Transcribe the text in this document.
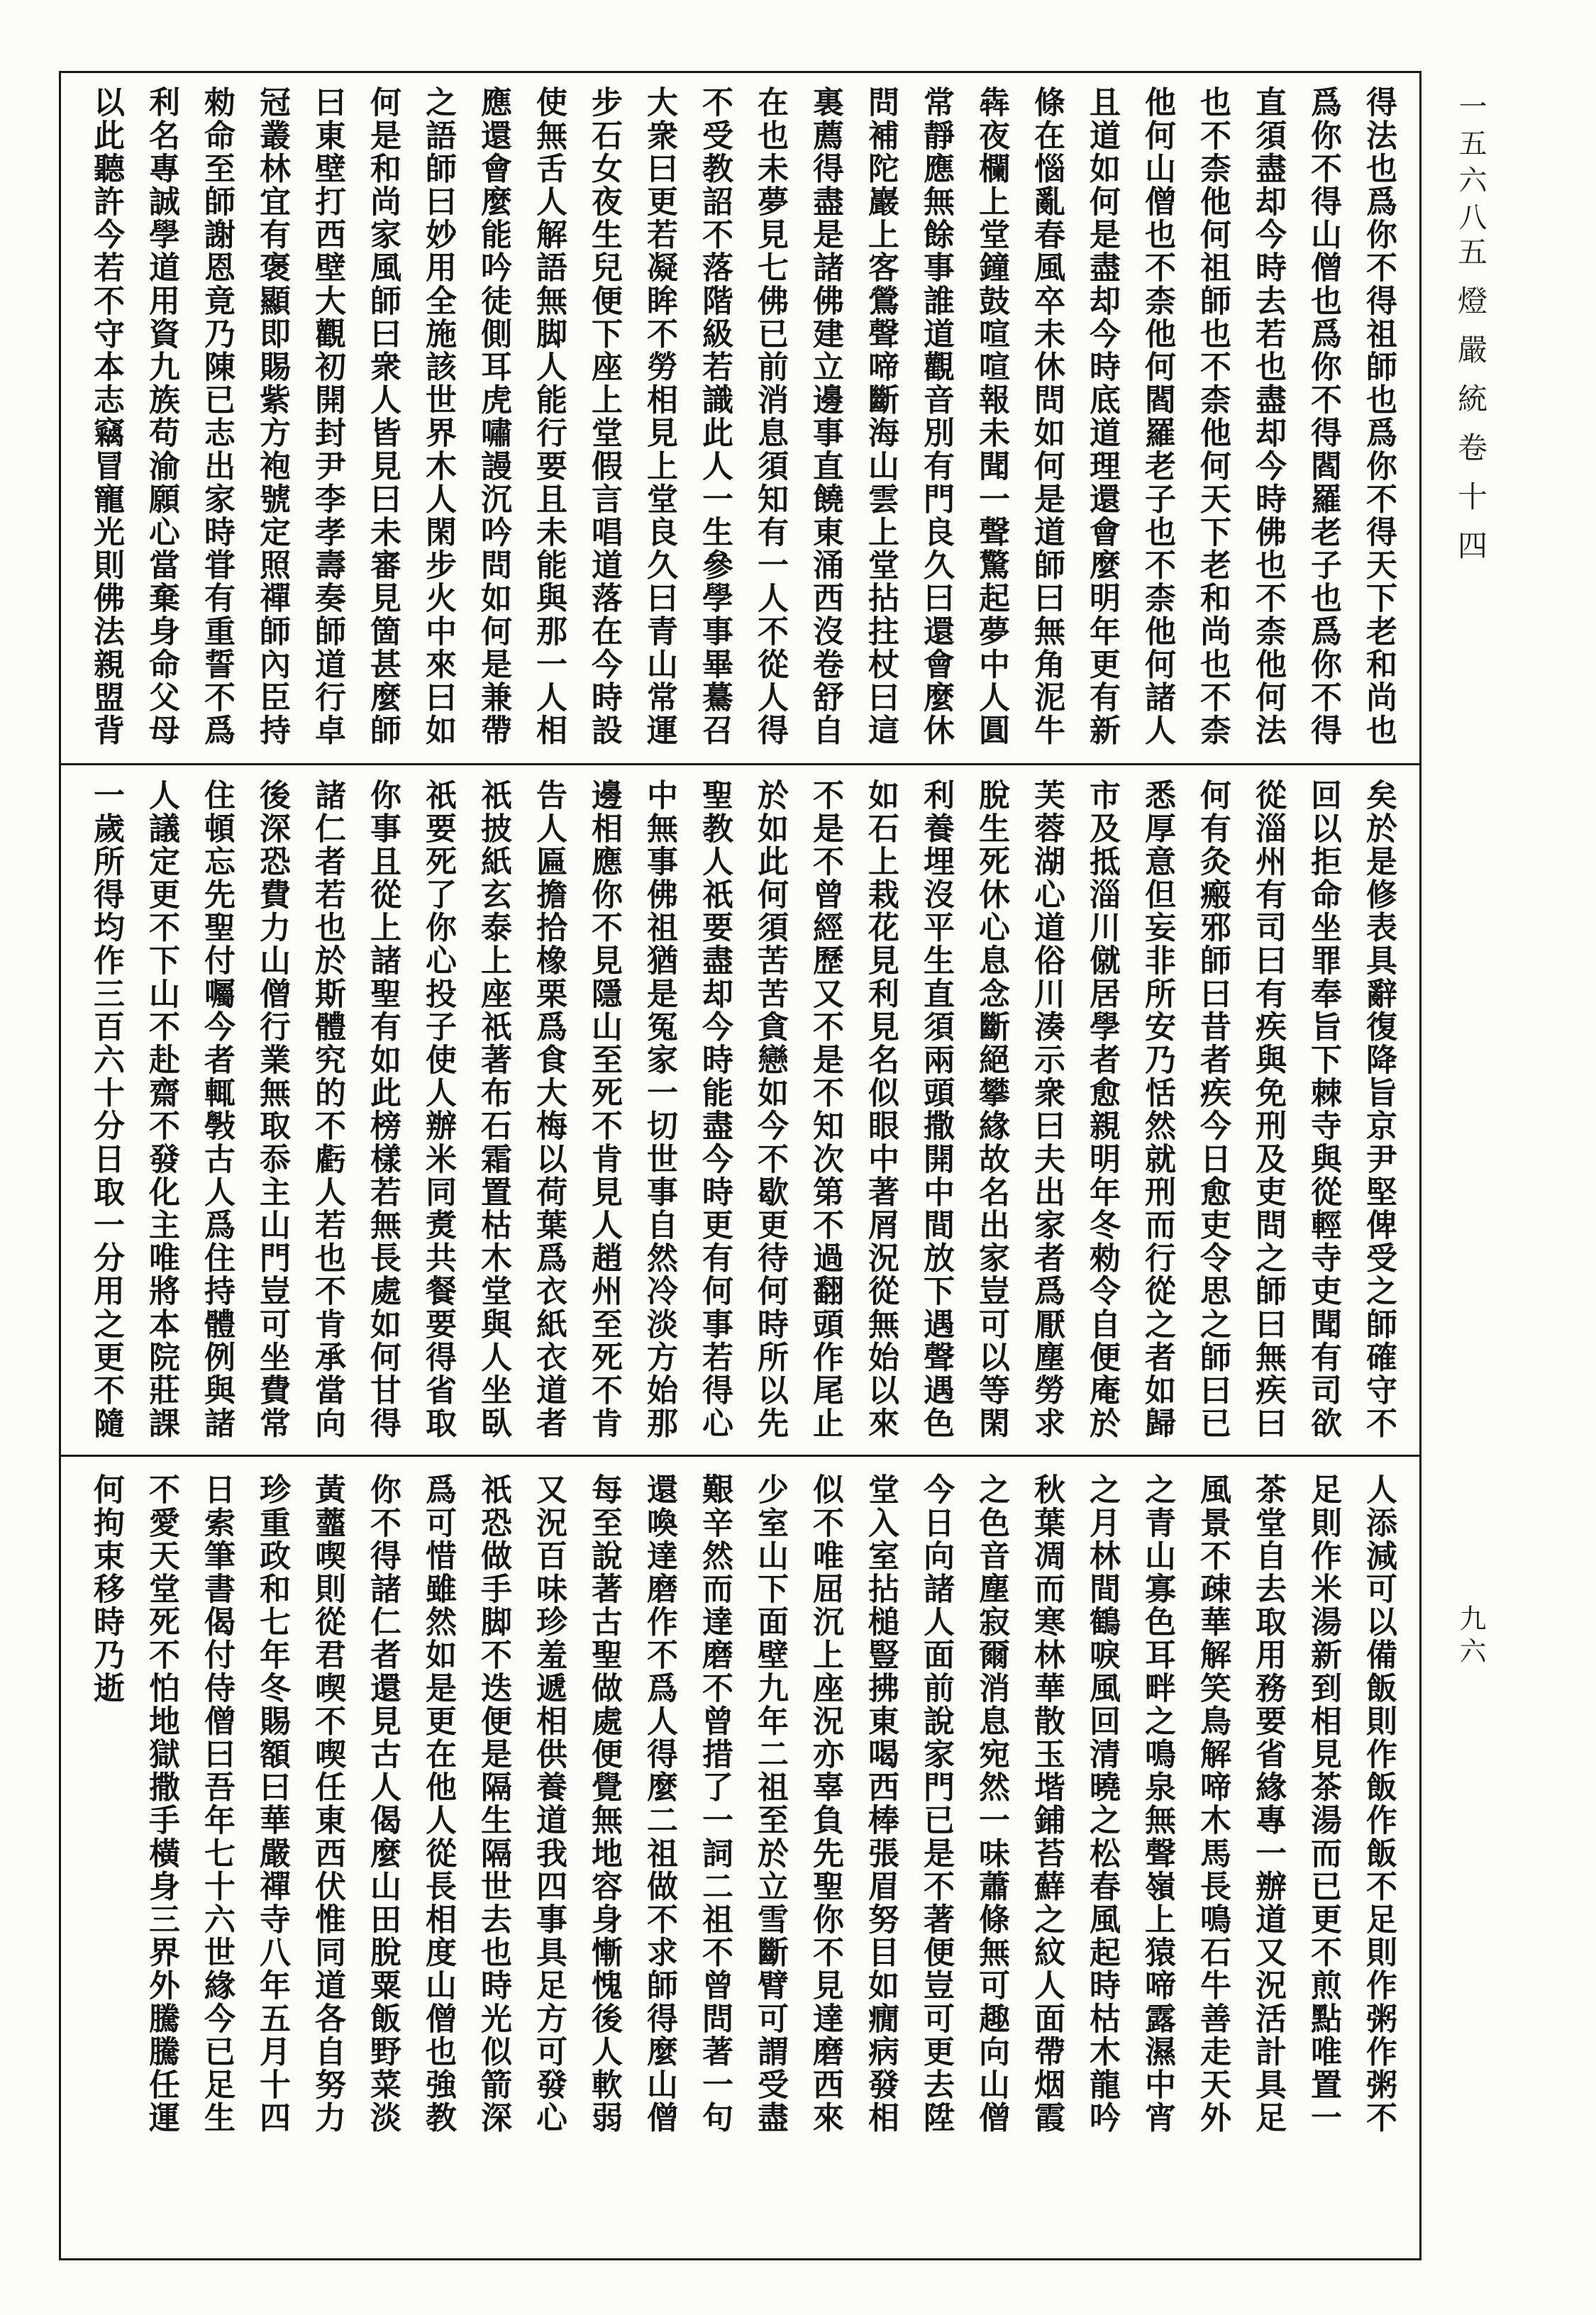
一五六八
五燈嚴統卷十四
九六
得法也爲你不得祖師也爲你不得天下老和尚也
爲你不得山僧也爲你不得閻羅老子也爲你不得
直須盡却今時去若也盡却今時佛也不柰他何法
也不柰他何祖師也不柰他何天下老和尚也不柰
他何山僧也不柰他何閻羅老子也不柰他何諸人
且道如何是盡却今時底道理還會麼明年更有新
條在惱亂春風卒未休問如何是道師曰無角泥牛
犇夜欄上堂鐘鼓喧喧報未聞一聲驚起夢中人圓
常靜應無餘事誰道觀音別有門良久曰還會麼休
問補陀巖上客鶯聲啼斷海山雲上堂拈拄杖曰這
裏薦得盡是諸佛建立邊事直饒東涌西沒卷舒自
在也未夢見七佛已前消息須知有一人不從人得
不受教詔不落階級若識此人一生參學事畢驀召
大衆曰更若凝眸不勞相見上堂良久曰青山常運
步石女夜生兒便下座上堂假言唱道落在今時設
使無舌人解語無脚人能行要且未能與那一人相
應還會麼能吟徒側耳虎嘯謾沉吟問如何是兼帶
之語師曰妙用全施該世界木人閑步火中來曰如
何是和尚家風師曰衆人皆見曰未審見箇甚麼師
曰東壁打西壁大觀初開封尹李孝壽奏師道行卓
冠叢林宜有褒顯即賜紫方袍號定照禪師內臣持
勑命至師謝恩竟乃陳已志出家時甞有重誓不爲
利名專誠學道用資九族苟渝願心當棄身命父母
以此聽許今若不守本志竊冒寵光則佛法親盟背
矣於是修表具辭復降旨京尹堅俾受之師確守不
回以拒命坐罪奉旨下棘寺與從輕寺吏聞有司欲
從淄州有司曰有疾與免刑及吏問之師曰無疾曰
何有灸瘢邪師曰昔者疾今日愈吏令思之師曰已
悉厚意但妄非所安乃恬然就刑而行從之者如歸
市及抵淄川僦居學者愈親明年冬勑令自便庵於
芙蓉湖心道俗川湊示衆曰夫出家者爲厭塵勞求
脫生死休心息念斷絕攀緣故名出家豈可以等閑
利養埋沒平生直須兩頭撒開中間放下遇聲遇色
如石上栽花見利見名似眼中著屑況從無始以來
不是不曾經歷又不是不知次第不過翻頭作尾止
於如此何須苦苦貪戀如今不歇更待何時所以先
聖教人祇要盡却今時能盡今時更有何事若得心
中無事佛祖猶是冤家一切世事自然冷淡方始那
邊相應你不見隱山至死不肯見人趙州至死不肯
告人匾擔拾橡栗爲食大梅以荷葉爲衣紙衣道者
祇披紙玄泰上座祇著布石霜置枯木堂與人坐臥
祇要死了你心投子使人辦米同煑共餐要得省取
你事且從上諸聖有如此榜樣若無長處如何甘得
諸仁者若也於斯體究的不虧人若也不肯承當向
後深恐費力山僧行業無取忝主山門豈可坐費常
住頓忘先聖付囑今者輒斅古人爲住持體例與諸
人議定更不下山不赴齋不發化主唯將本院莊課
一歲所得均作三百六十分日取一分用之更不隨
人添減可以備飯則作飯作飯不足則作粥作粥不
足則作米湯新到相見茶湯而已更不煎點唯置一
茶堂自去取用務要省緣專一辦道又況活計具足
風景不疎華解笑鳥解啼木馬長鳴石牛善走天外
之青山寡色耳畔之鳴泉無聲嶺上猿啼露濕中宵
之月林間鶴唳風回清曉之松春風起時枯木龍吟
秋葉凋而寒林華散玉堦鋪苔蘚之紋人面帶烟霞
之色音塵寂爾消息宛然一味蕭條無可趣向山僧
今日向諸人面前說家門已是不著便豈可更去陞
堂入室拈槌豎拂東喝西棒張眉努目如癇病發相
似不唯屈沉上座況亦辜負先聖你不見達磨西來
少室山下面壁九年二祖至於立雪斷臂可謂受盡
艱辛然而達磨不曾措了一詞二祖不曾問著一句
還喚達磨作不爲人得麼二祖做不求師得麼山僧
每至說著古聖做處便覺無地容身慚愧後人軟弱
又況百味珍羞遞相供養道我四事具足方可發心
祇恐做手脚不迭便是隔生隔世去也時光似箭深
爲可惜雖然如是更在他人從長相度山僧也強教
你不得諸仁者還見古人偈麼山田脫粟飯野菜淡
黃虀喫則從君喫不喫任東西伏惟同道各自努力
珍重政和七年冬賜額曰華嚴禪寺八年五月十四
日索筆書偈付侍僧曰吾年七十六世緣今已足生
不愛天堂死不怕地獄撒手橫身三界外騰騰任運
何拘束移時乃逝
